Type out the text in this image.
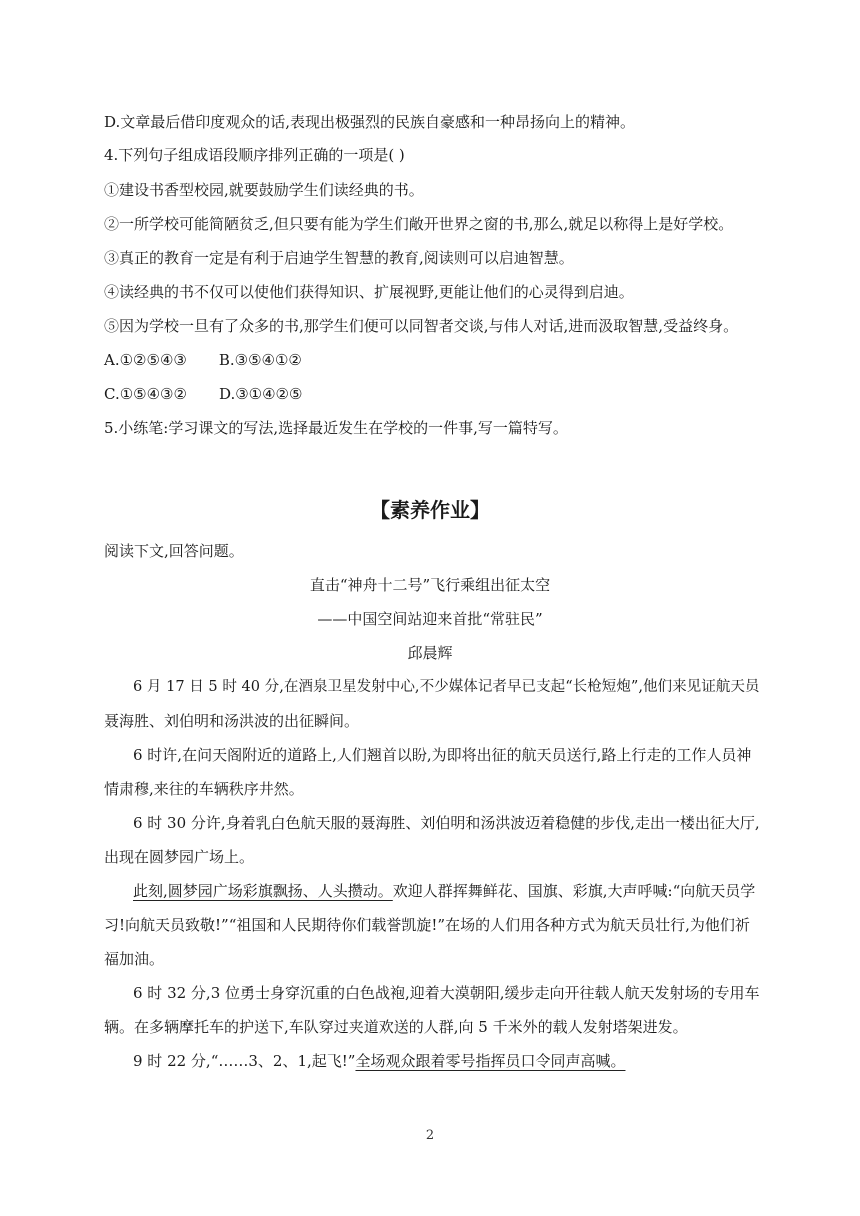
D.文章最后借印度观众的话,表现出极强烈的民族自豪感和一种昂扬向上的精神。

4.下列句子组成语段顺序排列正确的一项是( )

①建设书香型校园,就要鼓励学生们读经典的书。

②一所学校可能简陋贫乏,但只要有能为学生们敞开世界之窗的书,那么,就足以称得上是好学校。

③真正的教育一定是有利于启迪学生智慧的教育,阅读则可以启迪智慧。

④读经典的书不仅可以使他们获得知识、扩展视野,更能让他们的心灵得到启迪。

⑤因为学校一旦有了众多的书,那学生们便可以同智者交谈,与伟人对话,进而汲取智慧,受益终身。

A.①②⑤④③ B.③⑤④①②

C.①⑤④③② D.③①④②⑤

5.小练笔:学习课文的写法,选择最近发生在学校的一件事,写一篇特写。

【素养作业】

阅读下文,回答问题。

直击“神舟十二号”飞行乘组出征太空

——中国空间站迎来首批“常驻民”

邱晨辉

6 月 17 日 5 时 40 分,在酒泉卫星发射中心,不少媒体记者早已支起“长枪短炮”,他们来见证航天员

聂海胜、刘伯明和汤洪波的出征瞬间。

6 时许,在问天阁附近的道路上,人们翘首以盼,为即将出征的航天员送行,路上行走的工作人员神

情肃穆,来往的车辆秩序井然。

6 时 30 分许,身着乳白色航天服的聂海胜、刘伯明和汤洪波迈着稳健的步伐,走出一楼出征大厅,

出现在圆梦园广场上。

此刻,圆梦园广场彩旗飘扬、人头攒动。欢迎人群挥舞鲜花、国旗、彩旗,大声呼喊:“向航天员学

习!向航天员致敬!”“祖国和人民期待你们载誉凯旋!”在场的人们用各种方式为航天员壮行,为他们祈

福加油。

6 时 32 分,3 位勇士身穿沉重的白色战袍,迎着大漠朝阳,缓步走向开往载人航天发射场的专用车

辆。在多辆摩托车的护送下,车队穿过夹道欢送的人群,向 5 千米外的载人发射塔架进发。

9 时 22 分,“……3、2、1,起飞!”全场观众跟着零号指挥员口令同声高喊。

2
